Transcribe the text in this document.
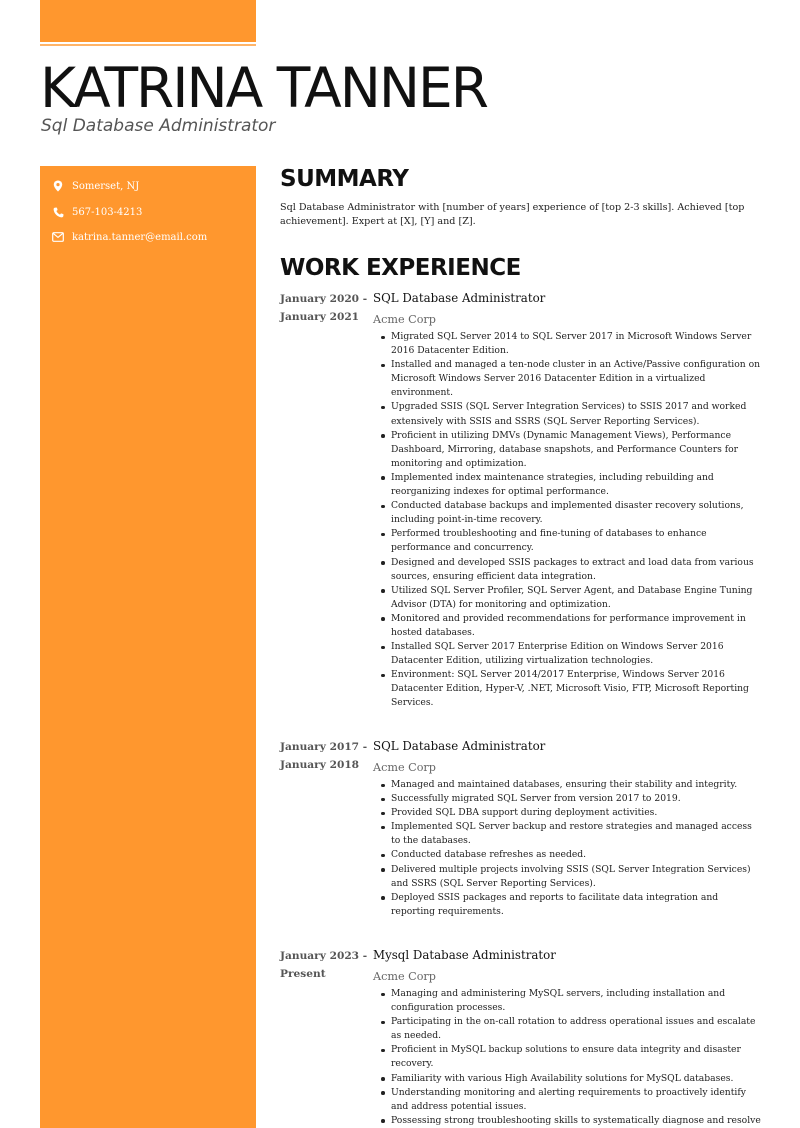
KATRINA TANNER
Sql Database Administrator
Somerset, NJ
567-103-4213
katrina.tanner@email.com
SUMMARY

Sql Database Administrator with [number of years] experience of [top 2-3 skills]. Achieved [top achievement]. Expert at [X], [Y] and [Z].

WORK EXPERIENCE
January 2020 - January 2021
SQL Database Administrator
Acme Corp
Migrated SQL Server 2014 to SQL Server 2017 in Microsoft Windows Server 2016 Datacenter Edition.
Installed and managed a ten-node cluster in an Active/Passive configuration on Microsoft Windows Server 2016 Datacenter Edition in a virtualized environment.
Upgraded SSIS (SQL Server Integration Services) to SSIS 2017 and worked extensively with SSIS and SSRS (SQL Server Reporting Services).
Proficient in utilizing DMVs (Dynamic Management Views), Performance Dashboard, Mirroring, database snapshots, and Performance Counters for monitoring and optimization.
Implemented index maintenance strategies, including rebuilding and reorganizing indexes for optimal performance.
Conducted database backups and implemented disaster recovery solutions, including point-in-time recovery.
Performed troubleshooting and fine-tuning of databases to enhance performance and concurrency.
Designed and developed SSIS packages to extract and load data from various sources, ensuring efficient data integration.
Utilized SQL Server Profiler, SQL Server Agent, and Database Engine Tuning Advisor (DTA) for monitoring and optimization.
Monitored and provided recommendations for performance improvement in hosted databases.
Installed SQL Server 2017 Enterprise Edition on Windows Server 2016 Datacenter Edition, utilizing virtualization technologies.
Environment: SQL Server 2014/2017 Enterprise, Windows Server 2016 Datacenter Edition, Hyper-V, .NET, Microsoft Visio, FTP, Microsoft Reporting Services.
January 2017 - January 2018
SQL Database Administrator
Acme Corp
Managed and maintained databases, ensuring their stability and integrity.
Successfully migrated SQL Server from version 2017 to 2019.
Provided SQL DBA support during deployment activities.
Implemented SQL Server backup and restore strategies and managed access to the databases.
Conducted database refreshes as needed.
Delivered multiple projects involving SSIS (SQL Server Integration Services) and SSRS (SQL Server Reporting Services).
Deployed SSIS packages and reports to facilitate data integration and reporting requirements.
January 2023 - Present
Mysql Database Administrator
Acme Corp
Managing and administering MySQL servers, including installation and configuration processes.
Participating in the on-call rotation to address operational issues and escalate as needed.
Proficient in MySQL backup solutions to ensure data integrity and disaster recovery.
Familiarity with various High Availability solutions for MySQL databases.
Understanding monitoring and alerting requirements to proactively identify and address potential issues.
Possessing strong troubleshooting skills to systematically diagnose and resolve
